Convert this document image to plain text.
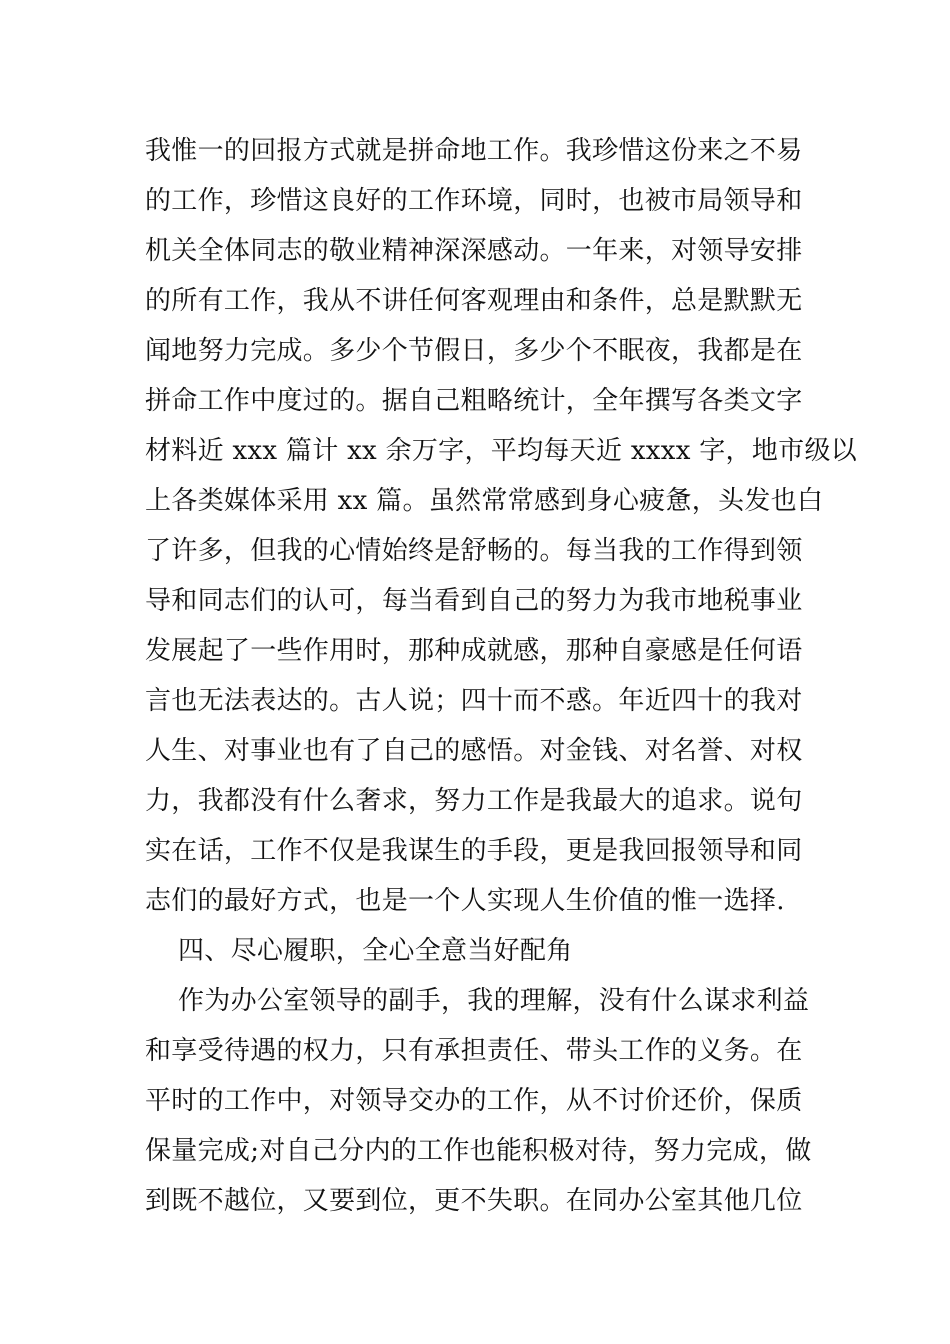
我惟一的回报方式就是拼命地工作。我珍惜这份来之不易
的工作，珍惜这良好的工作环境，同时，也被市局领导和
机关全体同志的敬业精神深深感动。一年来，对领导安排
的所有工作，我从不讲任何客观理由和条件，总是默默无
闻地努力完成。多少个节假日，多少个不眠夜，我都是在
拼命工作中度过的。据自己粗略统计，全年撰写各类文字
材料近 xxx 篇计 xx 余万字，平均每天近 xxxx 字，地市级以
上各类媒体采用 xx 篇。虽然常常感到身心疲惫，头发也白
了许多，但我的心情始终是舒畅的。每当我的工作得到领
导和同志们的认可，每当看到自己的努力为我市地税事业
发展起了一些作用时，那种成就感，那种自豪感是任何语
言也无法表达的。古人说；四十而不惑。年近四十的我对
人生、对事业也有了自己的感悟。对金钱、对名誉、对权
力，我都没有什么奢求，努力工作是我最大的追求。说句
实在话，工作不仅是我谋生的手段，更是我回报领导和同
志们的最好方式，也是一个人实现人生价值的惟一选择.
四、尽心履职，全心全意当好配角
作为办公室领导的副手，我的理解，没有什么谋求利益
和享受待遇的权力，只有承担责任、带头工作的义务。在
平时的工作中，对领导交办的工作，从不讨价还价，保质
保量完成;对自己分内的工作也能积极对待，努力完成，做
到既不越位，又要到位，更不失职。在同办公室其他几位
